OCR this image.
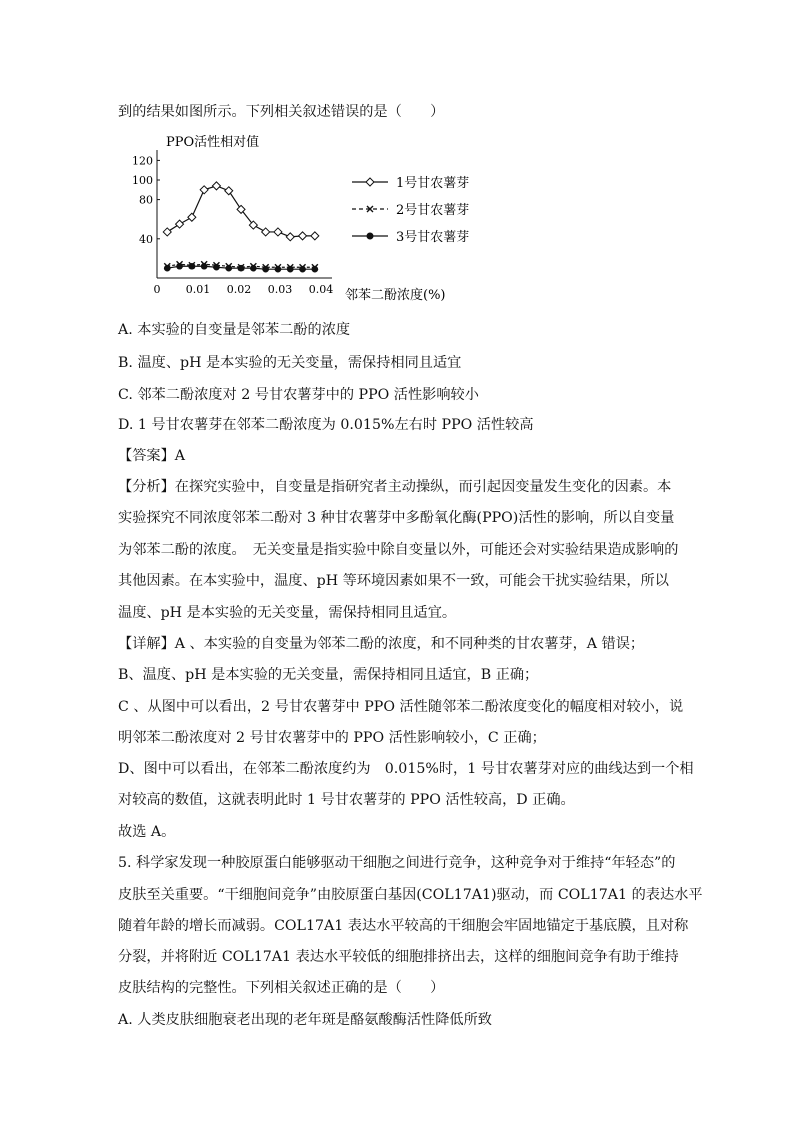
到的结果如图所示。下列相关叙述错误的是（　　）
PPO活性相对值
邻苯二酚浓度(%)
0 0.01 0.02 0.03 0.04
40
80
100
120
1号甘农薯芽
2号甘农薯芽
3号甘农薯芽
A. 本实验的自变量是邻苯二酚的浓度
B. 温度、pH 是本实验的无关变量，需保持相同且适宜
C. 邻苯二酚浓度对 2 号甘农薯芽中的 PPO 活性影响较小
D. 1 号甘农薯芽在邻苯二酚浓度为 0.015%左右时 PPO 活性较高
【答案】A
【分析】在探究实验中，自变量是指研究者主动操纵，而引起因变量发生变化的因素。本
实验探究不同浓度邻苯二酚对 3 种甘农薯芽中多酚氧化酶(PPO)活性的影响，所以自变量
为邻苯二酚的浓度。　无关变量是指实验中除自变量以外，可能还会对实验结果造成影响的
其他因素。在本实验中，温度、pH 等环境因素如果不一致，可能会干扰实验结果，所以
温度、pH 是本实验的无关变量，需保持相同且适宜。
【详解】A 、本实验的自变量为邻苯二酚的浓度，和不同种类的甘农薯芽，A 错误；
B、温度、pH 是本实验的无关变量，需保持相同且适宜，B 正确；
C 、从图中可以看出，2 号甘农薯芽中 PPO 活性随邻苯二酚浓度变化的幅度相对较小，说
明邻苯二酚浓度对 2 号甘农薯芽中的 PPO 活性影响较小，C 正确；
D、图中可以看出，在邻苯二酚浓度约为　0.015%时，1 号甘农薯芽对应的曲线达到一个相
对较高的数值，这就表明此时 1 号甘农薯芽的 PPO 活性较高，D 正确。
故选 A。
5. 科学家发现一种胶原蛋白能够驱动干细胞之间进行竞争，这种竞争对于维持“年轻态”的
皮肤至关重要。“干细胞间竞争”由胶原蛋白基因(COL17A1)驱动，而 COL17A1 的表达水平
随着年龄的增长而减弱。COL17A1 表达水平较高的干细胞会牢固地锚定于基底膜，且对称
分裂，并将附近 COL17A1 表达水平较低的细胞排挤出去，这样的细胞间竞争有助于维持
皮肤结构的完整性。下列相关叙述正确的是（　　）
A. 人类皮肤细胞衰老出现的老年斑是酪氨酸酶活性降低所致
